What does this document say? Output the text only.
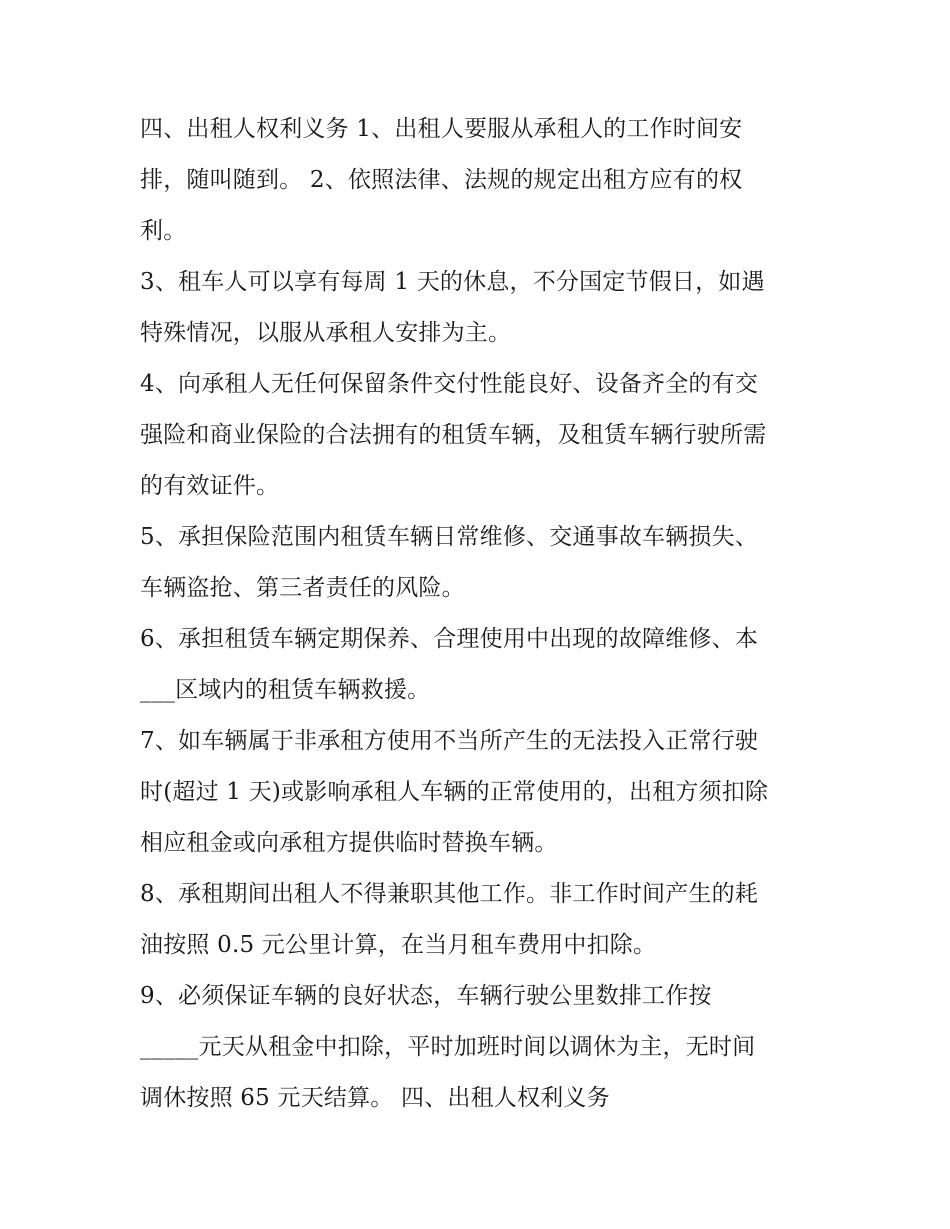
四、出租人权利义务 1、出租人要服从承租人的工作时间安
排，随叫随到。 2、依照法律、法规的规定出租方应有的权
利。
3、租车人可以享有每周 1 天的休息，不分国定节假日，如遇
特殊情况，以服从承租人安排为主。
4、向承租人无任何保留条件交付性能良好、设备齐全的有交
强险和商业保险的合法拥有的租赁车辆，及租赁车辆行驶所需
的有效证件。
5、承担保险范围内租赁车辆日常维修、交通事故车辆损失、
车辆盗抢、第三者责任的风险。
6、承担租赁车辆定期保养、合理使用中出现的故障维修、本
___区域内的租赁车辆救援。
7、如车辆属于非承租方使用不当所产生的无法投入正常行驶
时(超过 1 天)或影响承租人车辆的正常使用的，出租方须扣除
相应租金或向承租方提供临时替换车辆。
8、承租期间出租人不得兼职其他工作。非工作时间产生的耗
油按照 0.5 元公里计算，在当月租车费用中扣除。
9、必须保证车辆的良好状态，车辆行驶公里数排工作按
_____元天从租金中扣除，平时加班时间以调休为主，无时间
调休按照 65 元天结算。 四、出租人权利义务
